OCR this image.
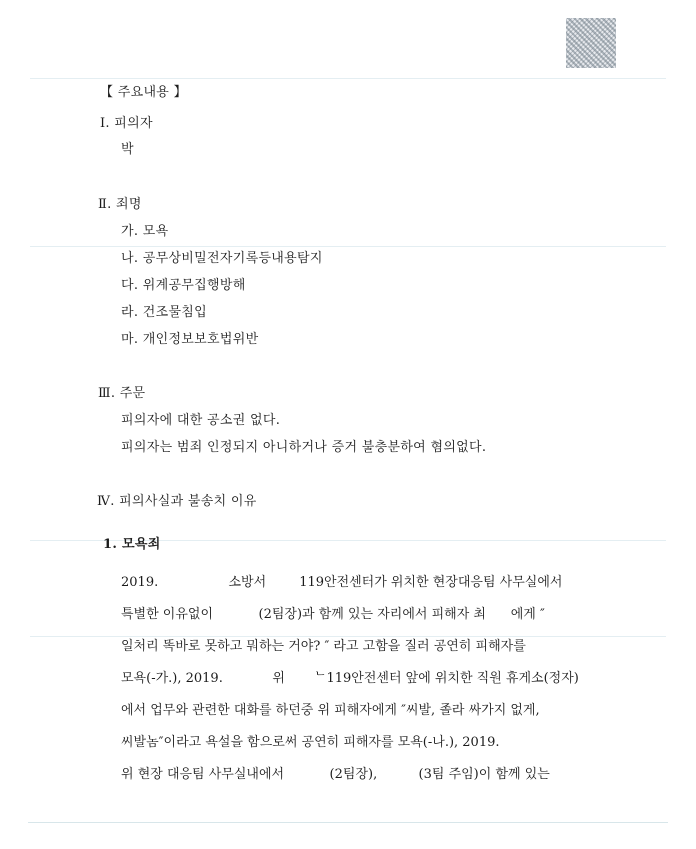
【 주요내용 】
Ⅰ. 피의자
박
Ⅱ. 죄명
가. 모욕
나. 공무상비밀전자기록등내용탐지
다. 위계공무집행방해
라. 건조물침입
마. 개인정보보호법위반
Ⅲ. 주문
피의자에 대한 공소권 없다.
피의자는 범죄 인정되지 아니하거나 증거 불충분하여 혐의없다.
Ⅳ. 피의사실과 불송치 이유
1. 모욕죄
2019.                 소방서        119안전센터가 위치한 현장대응팀 사무실에서
특별한 이유없이           (2팀장)과 함께 있는 자리에서 피해자 최      에게 ″
일처리 똑바로 못하고 뭐하는 거야? ″ 라고 고함을 질러 공연히 피해자를
모욕(-가.), 2019.            위       ᄂ119안전센터 앞에 위치한 직원 휴게소(정자)
에서 업무와 관련한 대화를 하던중 위 피해자에게 ″씨발, 졸라 싸가지 없게,
씨발놈″이라고 욕설을 함으로써 공연히 피해자를 모욕(-나.), 2019.
위 현장 대응팀 사무실내에서           (2팀장),          (3팀 주임)이 함께 있는
